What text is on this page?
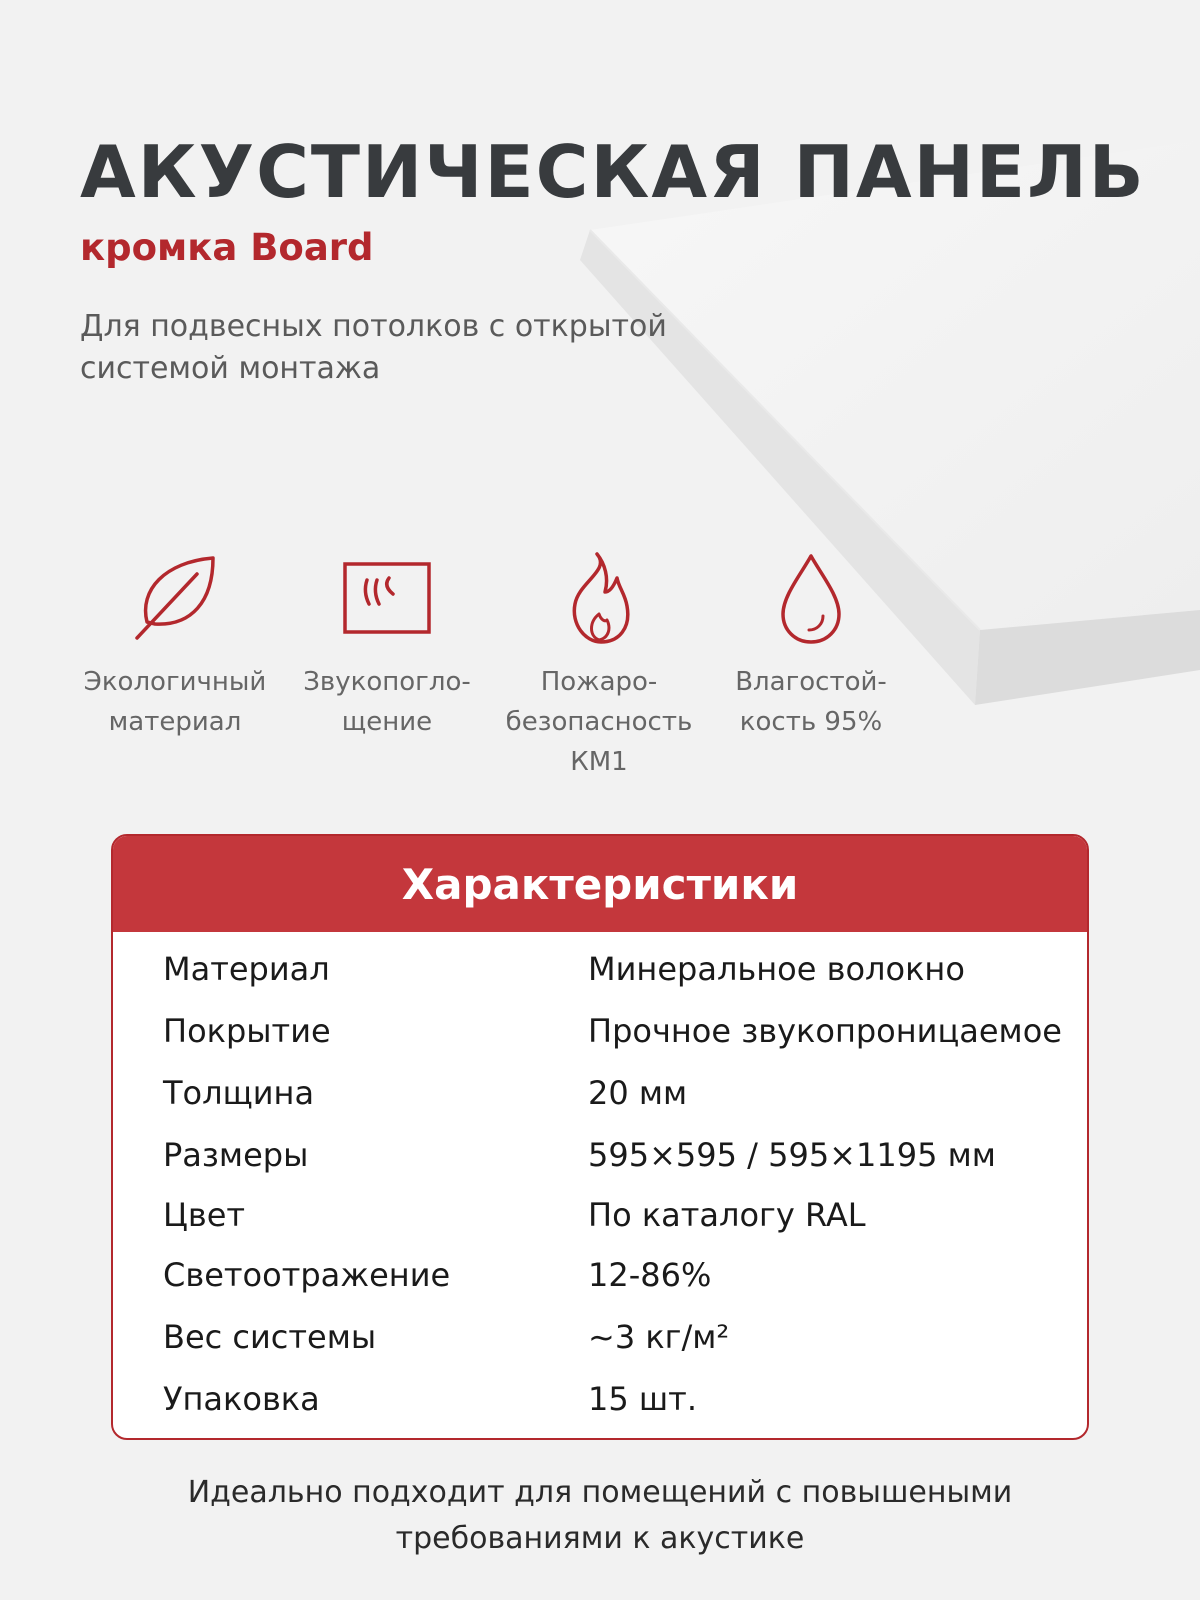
АКУСТИЧЕСКАЯ ПАНЕЛЬ
кромка Board
Для подвесных потолков с открытой
системой монтажа
Экологичный
материал
Звукопогло-
щение
Пожаро-
безопасность
КМ1
Влагостой-
кость 95%
Характеристики
Материал	Минеральное волокно
Покрытие	Прочное звукопроницаемое
Толщина	20 мм
Размеры	595×595 / 595×1195 мм
Цвет	По каталогу RAL
Светоотражение	12-86%
Вес системы	~3 кг/м²
Упаковка	15 шт.
Идеально подходит для помещений с повышеными
требованиями к акустике
